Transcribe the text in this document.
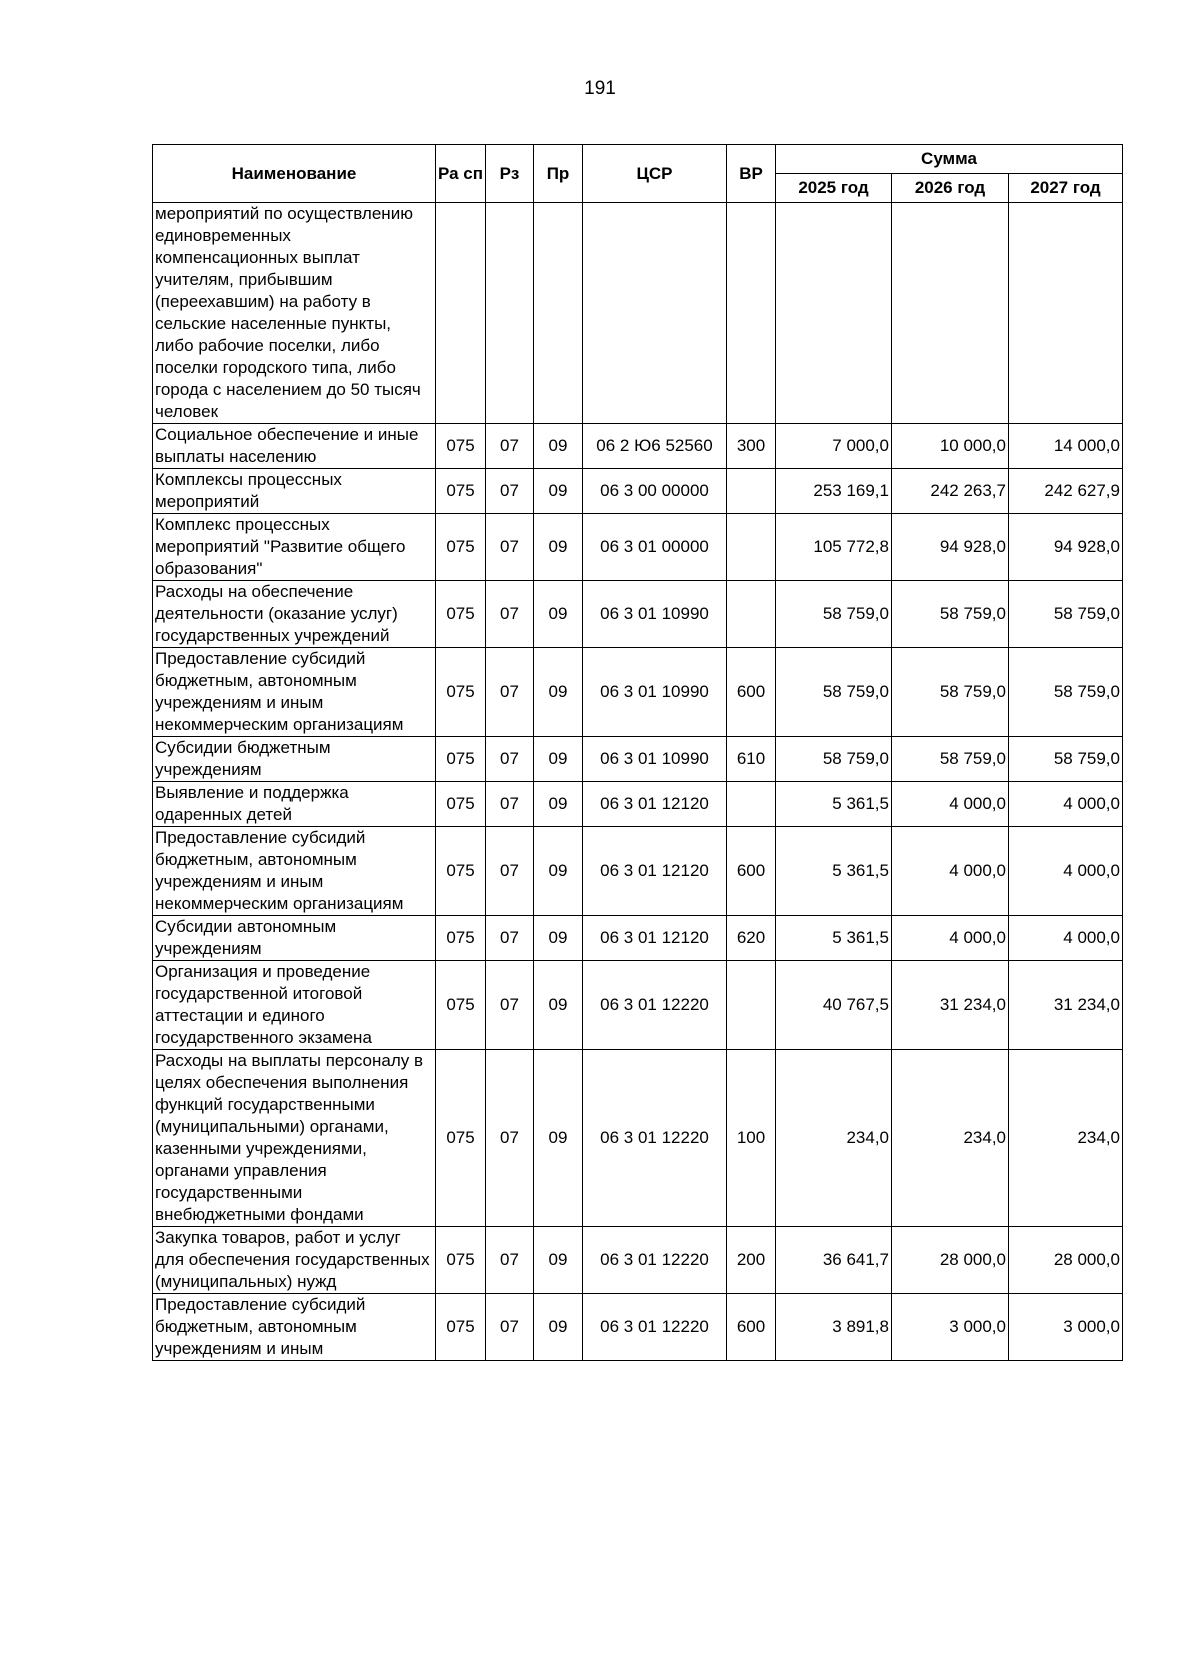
191
Наименование	Ра сп	Рз	Пр	ЦСР	ВР	Сумма		
						2025 год	2026 год	2027 год
мероприятий по осуществлению единовременных компенсационных выплат учителям, прибывшим (переехавшим) на работу в сельские населенные пункты, либо рабочие поселки, либо поселки городского типа, либо города с населением до 50 тысяч человек								
Социальное обеспечение и иные выплаты населению	075	07	09	06 2 Ю6 52560	300	7 000,0	10 000,0	14 000,0
Комплексы процессных мероприятий	075	07	09	06 3 00 00000		253 169,1	242 263,7	242 627,9
Комплекс процессных мероприятий "Развитие общего образования"	075	07	09	06 3 01 00000		105 772,8	94 928,0	94 928,0
Расходы на обеспечение деятельности (оказание услуг) государственных учреждений	075	07	09	06 3 01 10990		58 759,0	58 759,0	58 759,0
Предоставление субсидий бюджетным, автономным учреждениям и иным некоммерческим организациям	075	07	09	06 3 01 10990	600	58 759,0	58 759,0	58 759,0
Субсидии бюджетным учреждениям	075	07	09	06 3 01 10990	610	58 759,0	58 759,0	58 759,0
Выявление и поддержка одаренных детей	075	07	09	06 3 01 12120		5 361,5	4 000,0	4 000,0
Предоставление субсидий бюджетным, автономным учреждениям и иным некоммерческим организациям	075	07	09	06 3 01 12120	600	5 361,5	4 000,0	4 000,0
Субсидии автономным учреждениям	075	07	09	06 3 01 12120	620	5 361,5	4 000,0	4 000,0
Организация и проведение государственной итоговой аттестации и единого государственного экзамена	075	07	09	06 3 01 12220		40 767,5	31 234,0	31 234,0
Расходы на выплаты персоналу в целях обеспечения выполнения функций государственными (муниципальными) органами, казенными учреждениями, органами управления государственными внебюджетными фондами	075	07	09	06 3 01 12220	100	234,0	234,0	234,0
Закупка товаров, работ и услуг для обеспечения государственных (муниципальных) нужд	075	07	09	06 3 01 12220	200	36 641,7	28 000,0	28 000,0
Предоставление субсидий бюджетным, автономным учреждениям и иным	075	07	09	06 3 01 12220	600	3 891,8	3 000,0	3 000,0
